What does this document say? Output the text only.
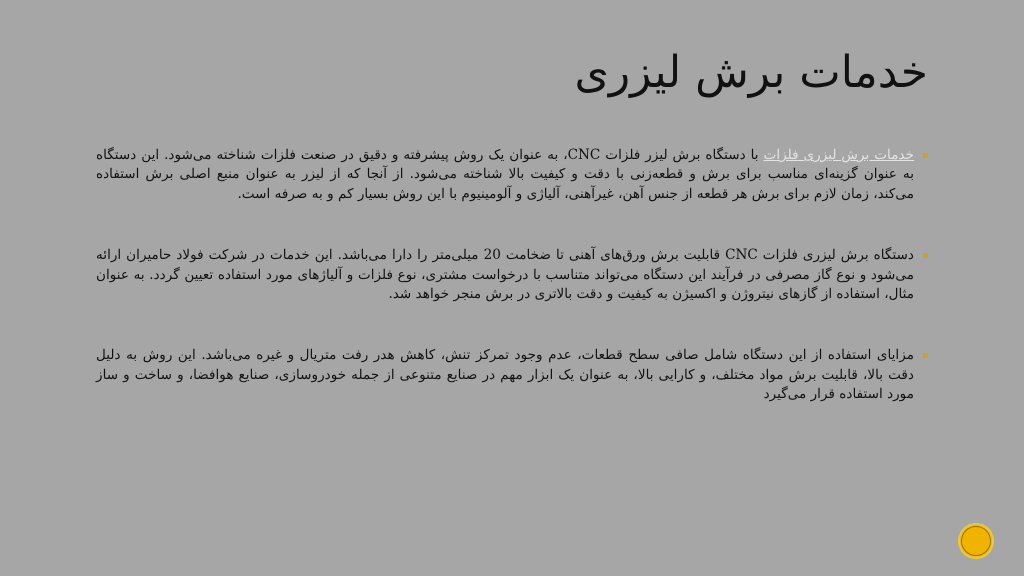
خدمات برش لیزری
خدمات برش لیزری فلزات با دستگاه برش لیزر فلزات CNC، به عنوان یک روش پیشرفته و دقیق در صنعت فلزات شناخته می‌شود. این دستگاه به عنوان گزینه‌ای مناسب برای برش و قطعه‌زنی با دقت و کیفیت بالا شناخته می‌شود. از آنجا که از لیزر به عنوان منبع اصلی برش استفاده می‌کند، زمان لازم برای برش هر قطعه از جنس آهن، غیرآهنی، آلیاژی و آلومینیوم با این روش بسیار کم و به صرفه است.
دستگاه برش لیزری فلزات CNC قابلیت برش ورق‌های آهنی تا ضخامت 20 میلی‌متر را دارا می‌باشد. این خدمات در شرکت فولاد حامیران ارائه می‌شود و نوع گاز مصرفی در فرآیند این دستگاه می‌تواند متناسب با درخواست مشتری، نوع فلزات و آلیاژهای مورد استفاده تعیین گردد. به عنوان مثال، استفاده از گازهای نیتروژن و اکسیژن به کیفیت و دقت بالاتری در برش منجر خواهد شد.
مزایای استفاده از این دستگاه شامل صافی سطح قطعات، عدم وجود تمرکز تنش، کاهش هدر رفت متریال و غیره می‌باشد. این روش به دلیل دقت بالا، قابلیت برش مواد مختلف، و کارایی بالا، به عنوان یک ابزار مهم در صنایع متنوعی از جمله خودروسازی، صنایع هوافضا، و ساخت و ساز مورد استفاده قرار می‌گیرد
